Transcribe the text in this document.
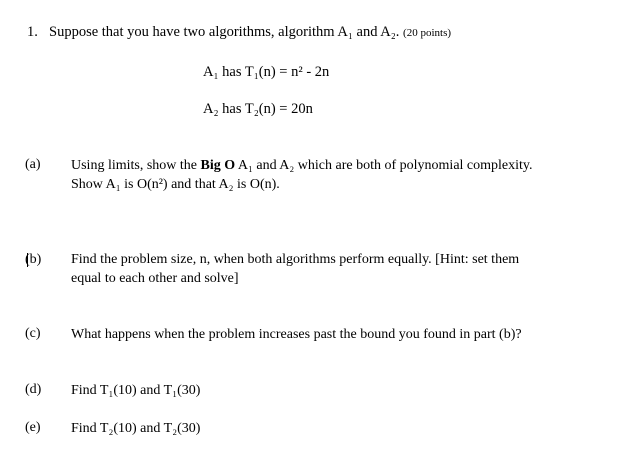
1. Suppose that you have two algorithms, algorithm A₁ and A₂. (20 points)
A₁ has T₁(n) = n² - 2n
A₂ has T₂(n) = 20n
(a) Using limits, show the Big O A₁ and A₂ which are both of polynomial complexity.
Show A₁ is O(n²) and that A₂ is O(n).
(b) Find the problem size, n, when both algorithms perform equally. [Hint: set them
equal to each other and solve]
(c) What happens when the problem increases past the bound you found in part (b)?
(d) Find T₁(10) and T₁(30)
(e) Find T₂(10) and T₂(30)
